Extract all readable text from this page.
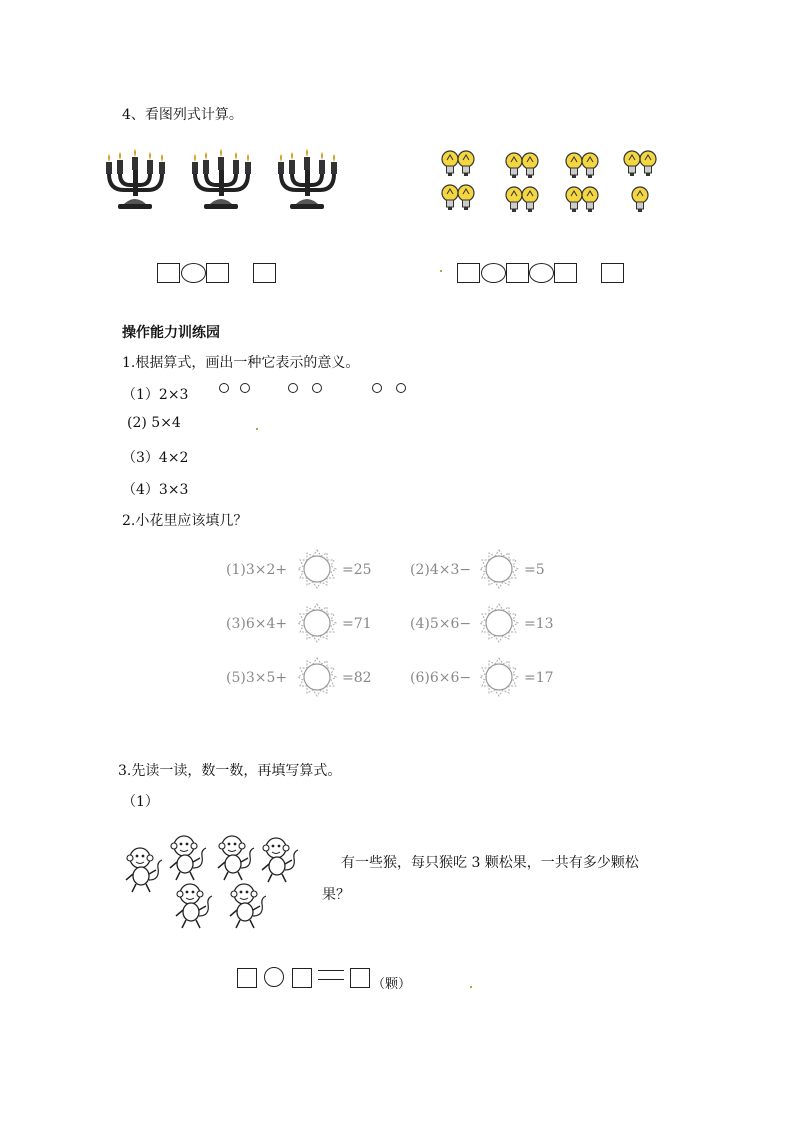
4、看图列式计算。
操作能力训练园
1.根据算式，画出一种它表示的意义。
（1）2×3
(2) 5×4
（3）4×2
（4）3×3
2.小花里应该填几？
(1)3×2+	=25	(2)4×3−	=5
(3)6×4+	=71	(4)5×6−	=13
(5)3×5+	=82	(6)6×6−	=17
3.先读一读，数一数，再填写算式。
（1）
有一些猴，每只猴吃 3 颗松果，一共有多少颗松
果？
（颗）
